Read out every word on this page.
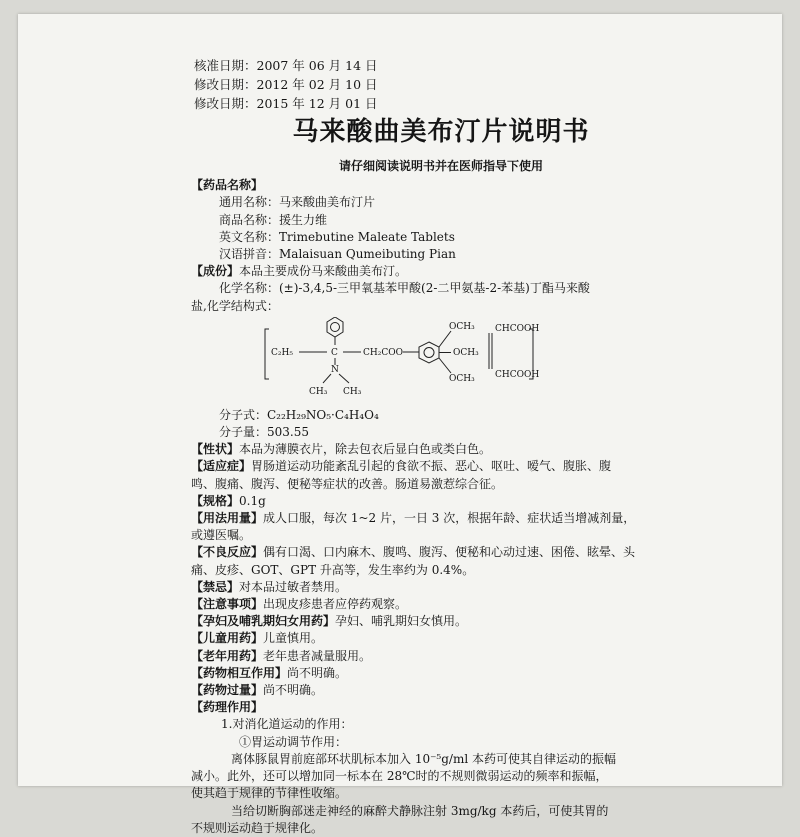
核准日期：2007 年 06 月 14 日
修改日期：2012 年 02 月 10 日
修改日期：2015 年 12 月 01 日
马来酸曲美布汀片说明书
请仔细阅读说明书并在医师指导下使用

【药品名称】

通用名称：马来酸曲美布汀片

商品名称：援生力维

英文名称：Trimebutine Maleate Tablets

汉语拼音：Malaisuan Qumeibuting Pian

【成份】本品主要成份马来酸曲美布汀。

化学名称：(±)-3,4,5-三甲氧基苯甲酸(2-二甲氨基-2-苯基)丁酯马来酸

盐,化学结构式：

C₂H₅	C	CH₂COO
N
CH₃ CH₃
OCH₃
OCH₃
OCH₃
CHCOOH
CHCOOH

分子式：C₂₂H₂₉NO₅·C₄H₄O₄

分子量：503.55

【性状】本品为薄膜衣片，除去包衣后显白色或类白色。

【适应症】胃肠道运动功能紊乱引起的食欲不振、恶心、呕吐、嗳气、腹胀、腹

鸣、腹痛、腹泻、便秘等症状的改善。肠道易激惹综合征。

【规格】0.1g

【用法用量】成人口服，每次 1~2 片，一日 3 次，根据年龄、症状适当增减剂量，

或遵医嘱。

【不良反应】偶有口渴、口内麻木、腹鸣、腹泻、便秘和心动过速、困倦、眩晕、头

痛、皮疹、GOT、GPT 升高等，发生率约为 0.4%。

【禁忌】对本品过敏者禁用。

【注意事项】出现皮疹患者应停药观察。

【孕妇及哺乳期妇女用药】孕妇、哺乳期妇女慎用。

【儿童用药】儿童慎用。

【老年用药】老年患者减量服用。

【药物相互作用】尚不明确。

【药物过量】尚不明确。

【药理作用】

1.对消化道运动的作用：

①胃运动调节作用：

离体豚鼠胃前庭部环状肌标本加入 10⁻⁵g/ml 本药可使其自律运动的振幅

减小。此外，还可以增加同一标本在 28℃时的不规则微弱运动的频率和振幅，

使其趋于规律的节律性收缩。

当给切断胸部迷走神经的麻醉犬静脉注射 3mg/kg 本药后，可使其胃的

不规则运动趋于规律化。
